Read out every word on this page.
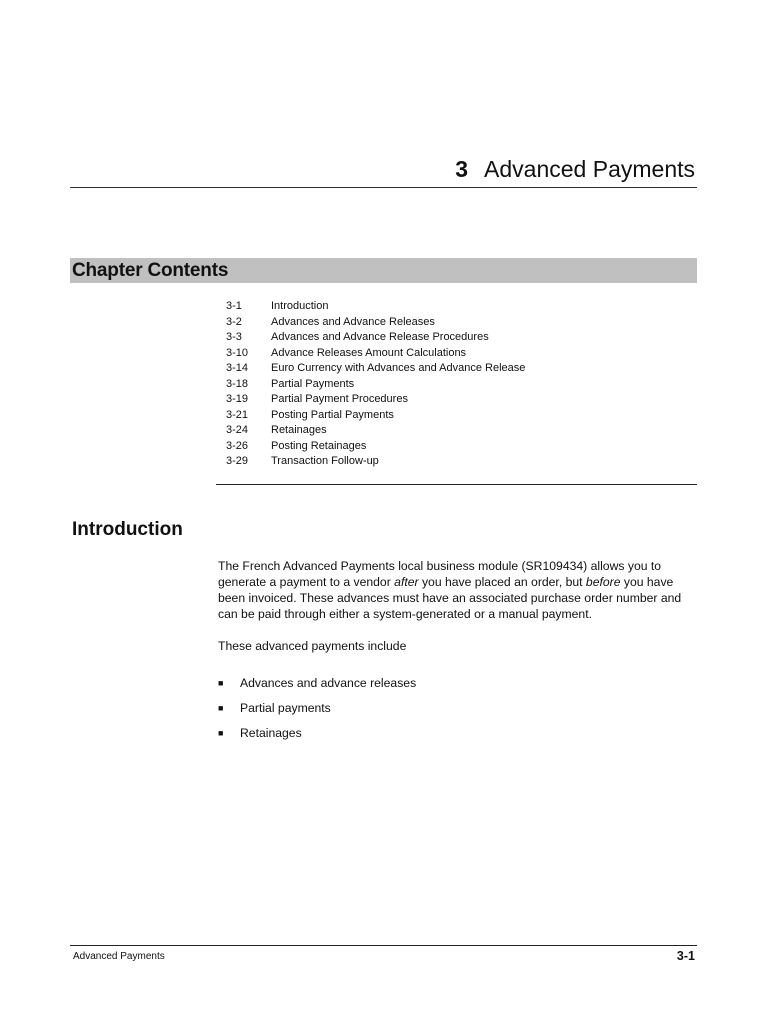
3 Advanced Payments
Chapter Contents
3-1	Introduction
3-2	Advances and Advance Releases
3-3	Advances and Advance Release Procedures
3-10	Advance Releases Amount Calculations
3-14	Euro Currency with Advances and Advance Release
3-18	Partial Payments
3-19	Partial Payment Procedures
3-21	Posting Partial Payments
3-24	Retainages
3-26	Posting Retainages
3-29	Transaction Follow-up
Introduction

The French Advanced Payments local business module (SR109434) allows you to generate a payment to a vendor after you have placed an order, but before you have been invoiced. These advances must have an associated purchase order number and can be paid through either a system-generated or a manual payment.

These advanced payments include

■	Advances and advance releases
■	Partial payments
■	Retainages
Advanced Payments	3-1
